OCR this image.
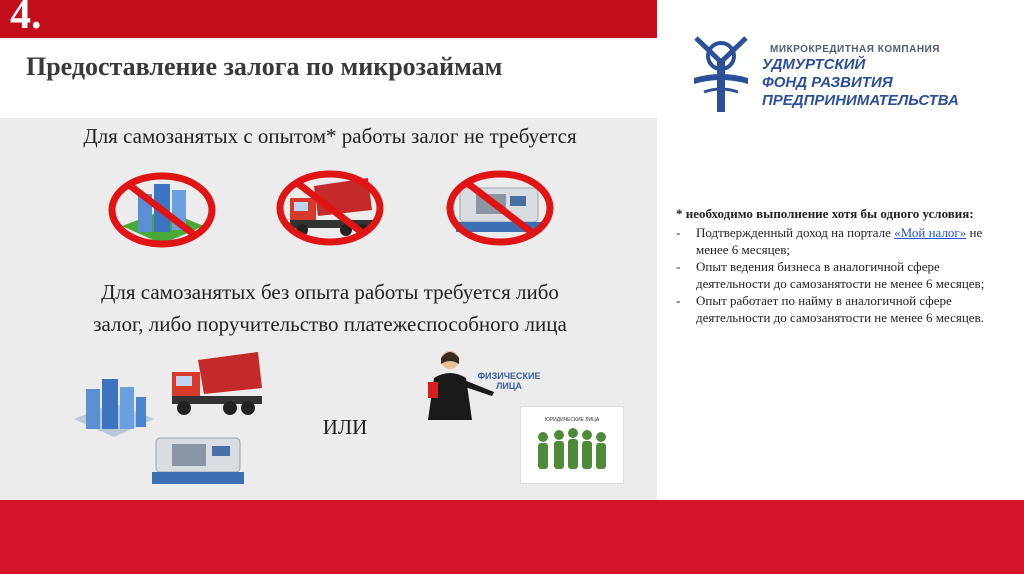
4.
Предоставление залога по микрозаймам
Для самозанятых с опытом* работы залог не требуется
Для самозанятых без опыта работы требуется либо
залог, либо поручительство платежеспособного лица
ИЛИ
ФИЗИЧЕСКИЕ
ЛИЦА
ЮРИДИЧЕСКИЕ ЛИЦА
МИКРОКРЕДИТНАЯ КОМПАНИЯ
УДМУРТСКИЙ
ФОНД РАЗВИТИЯ
ПРЕДПРИНИМАТЕЛЬСТВА
* необходимо выполнение хотя бы одного условия:
- Подтвержденный доход на портале «Мой налог» не менее 6 месяцев;
- Опыт ведения бизнеса в аналогичной сфере деятельности до самозанятости не менее 6 месяцев;
- Опыт работает по найму в аналогичной сфере деятельности до самозанятости не менее 6 месяцев.
